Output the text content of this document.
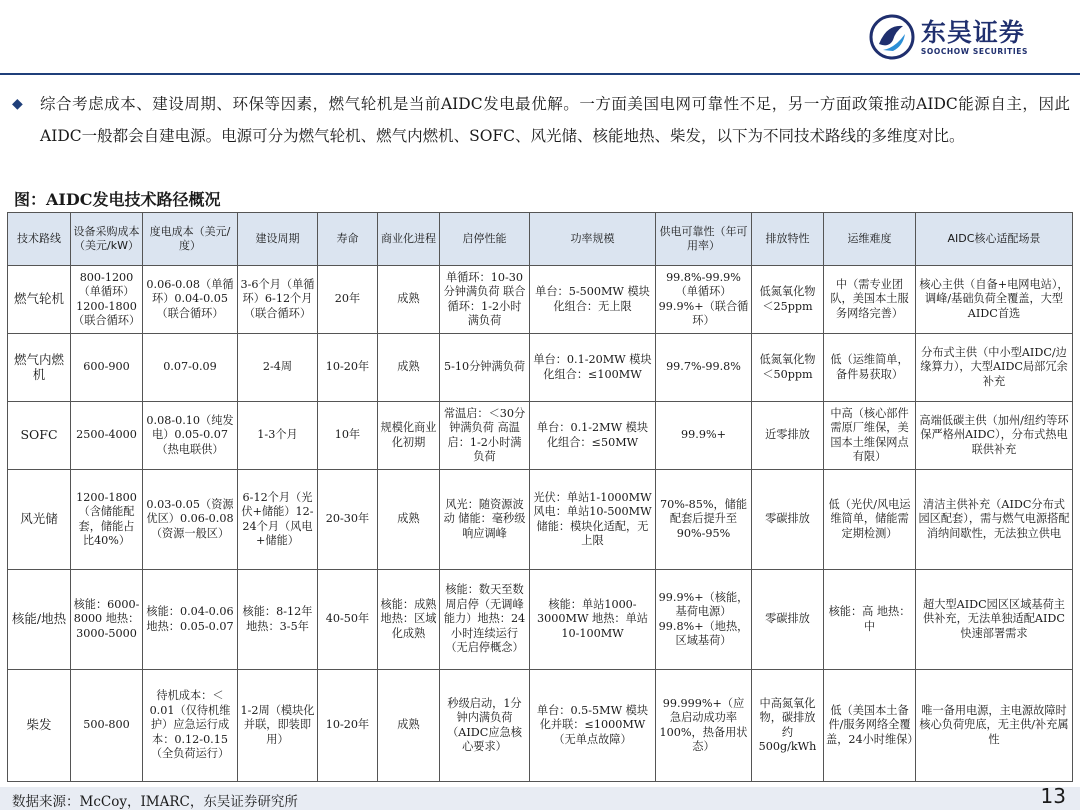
东吴证券
SOOCHOW SECURITIES
◆	综合考虑成本、建设周期、环保等因素，燃气轮机是当前AIDC发电最优解。一方面美国电网可靠性不足，另一方面政策推动AIDC能源自主，因此AIDC一般都会自建电源。电源可分为燃气轮机、燃气内燃机、SOFC、风光储、核能地热、柴发，以下为不同技术路线的多维度对比。

图：AIDC发电技术路径概况
技术路线	设备采购成本（美元/kW）	度电成本（美元/度）	建设周期	寿命	商业化进程	启停性能	功率规模	供电可靠性（年可用率）	排放特性	运维难度	AIDC核心适配场景
燃气轮机	800-1200（单循环）1200-1800（联合循环）	0.06-0.08（单循环）0.04-0.05（联合循环）	3-6个月（单循环）6-12个月（联合循环）	20年	成熟	单循环：10-30分钟满负荷 联合循环：1-2小时满负荷	单台：5-500MW 模块化组合：无上限	99.8%-99.9%（单循环）99.9%+（联合循环）	低氮氧化物＜25ppm	中（需专业团队，美国本土服务网络完善）	核心主供（自备+电网电站），调峰/基础负荷全覆盖，大型AIDC首选
燃气内燃机	600-900	0.07-0.09	2-4周	10-20年	成熟	5-10分钟满负荷	单台：0.1-20MW 模块化组合：≤100MW	99.7%-99.8%	低氮氧化物＜50ppm	低（运维简单，备件易获取）	分布式主供（中小型AIDC/边缘算力），大型AIDC局部冗余补充
SOFC	2500-4000	0.08-0.10（纯发电）0.05-0.07（热电联供）	1-3个月	10年	规模化商业化初期	常温启：＜30分钟满负荷 高温启：1-2小时满负荷	单台：0.1-2MW 模块化组合：≤50MW	99.9%+	近零排放	中高（核心部件需原厂维保，美国本土维保网点有限）	高端低碳主供（加州/纽约等环保严格州AIDC），分布式热电联供补充
风光储	1200-1800（含储能配套，储能占比40%）	0.03-0.05（资源优区）0.06-0.08（资源一般区）	6-12个月（光伏+储能）12-24个月（风电+储能）	20-30年	成熟	风光：随资源波动 储能：毫秒级响应调峰	光伏：单站1-1000MW 风电：单站10-500MW 储能：模块化适配，无上限	70%-85%，储能配套后提升至90%-95%	零碳排放	低（光伏/风电运维简单，储能需定期检测）	清洁主供补充（AIDC分布式园区配套），需与燃气电源搭配消纳间歇性，无法独立供电
核能/地热	核能：6000-8000 地热：3000-5000	核能：0.04-0.06 地热：0.05-0.07	核能：8-12年 地热：3-5年	40-50年	核能：成熟 地热：区域化成熟	核能：数天至数周启停（无调峰能力）地热：24小时连续运行（无启停概念）	核能：单站1000-3000MW 地热：单站10-100MW	99.9%+（核能，基荷电源）99.8%+（地热，区域基荷）	零碳排放	核能：高 地热：中	超大型AIDC园区区域基荷主供补充，无法单独适配AIDC快速部署需求
柴发	500-800	待机成本：＜0.01（仅待机维护）应急运行成本：0.12-0.15（全负荷运行）	1-2周（模块化并联，即装即用）	10-20年	成熟	秒级启动，1分钟内满负荷（AIDC应急核心要求）	单台：0.5-5MW 模块化并联：≤1000MW（无单点故障）	99.999%+（应急启动成功率100%，热备用状态）	中高氮氧化物，碳排放约500g/kWh	低（美国本土备件/服务网络全覆盖，24小时维保）	唯一备用电源，主电源故障时核心负荷兜底，无主供/补充属性
数据来源：McCoy，IMARC，东吴证券研究所	13
